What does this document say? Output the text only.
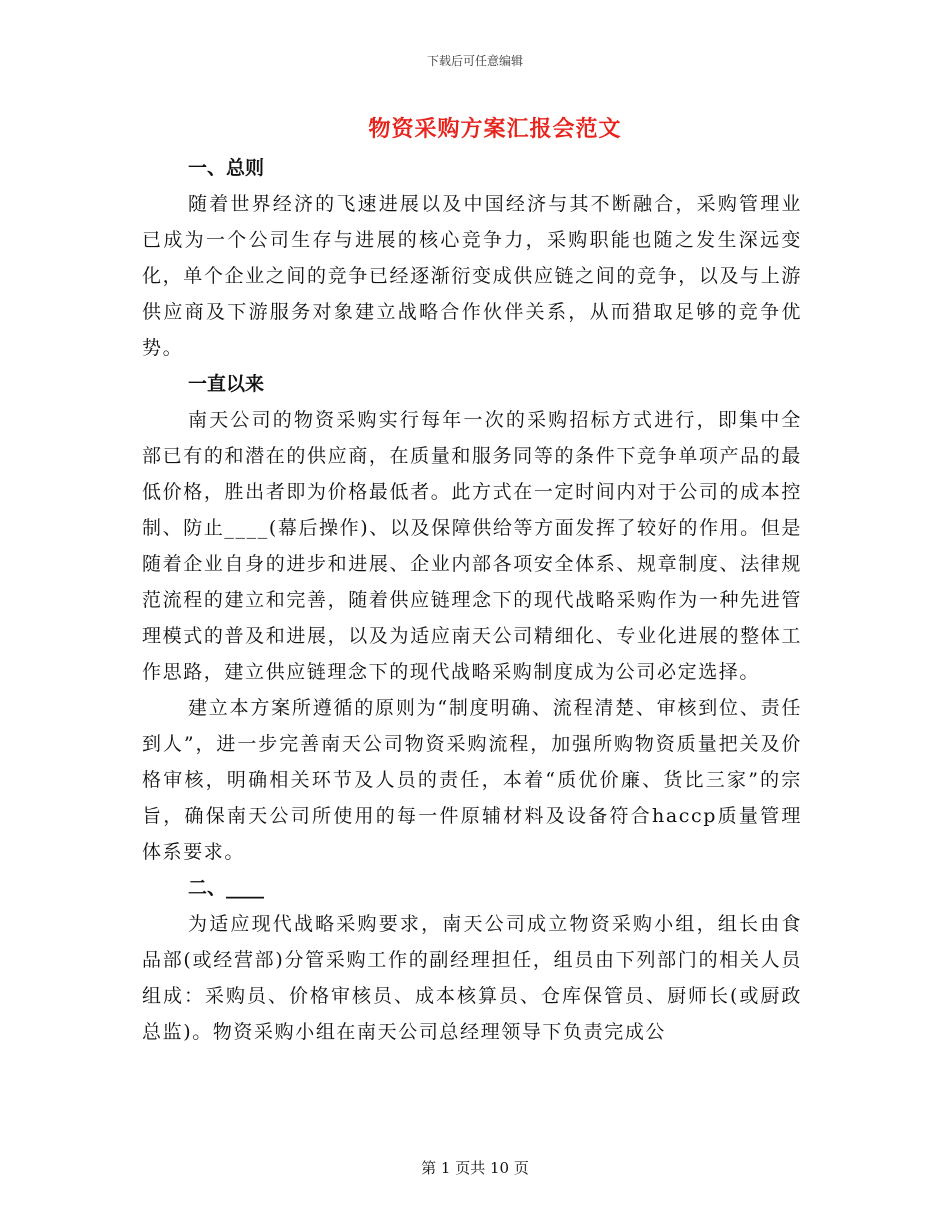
下载后可任意编辑
物资采购方案汇报会范文
一、总则

随着世界经济的飞速进展以及中国经济与其不断融合，采购管理业已成为一个公司生存与进展的核心竞争力，采购职能也随之发生深远变化，单个企业之间的竞争已经逐渐衍变成供应链之间的竞争，以及与上游供应商及下游服务对象建立战略合作伙伴关系，从而猎取足够的竞争优势。

一直以来

南天公司的物资采购实行每年一次的采购招标方式进行，即集中全部已有的和潜在的供应商，在质量和服务同等的条件下竞争单项产品的最低价格，胜出者即为价格最低者。此方式在一定时间内对于公司的成本控制、防止____(幕后操作)、以及保障供给等方面发挥了较好的作用。但是随着企业自身的进步和进展、企业内部各项安全体系、规章制度、法律规范流程的建立和完善，随着供应链理念下的现代战略采购作为一种先进管理模式的普及和进展，以及为适应南天公司精细化、专业化进展的整体工作思路，建立供应链理念下的现代战略采购制度成为公司必定选择。

建立本方案所遵循的原则为“制度明确、流程清楚、审核到位、责任到人”，进一步完善南天公司物资采购流程，加强所购物资质量把关及价格审核，明确相关环节及人员的责任，本着“质优价廉、货比三家”的宗旨，确保南天公司所使用的每一件原辅材料及设备符合haccp质量管理体系要求。

二、____

为适应现代战略采购要求，南天公司成立物资采购小组，组长由食品部(或经营部)分管采购工作的副经理担任，组员由下列部门的相关人员组成：采购员、价格审核员、成本核算员、仓库保管员、厨师长(或厨政总监)。物资采购小组在南天公司总经理领导下负责完成公

第 1 页共 10 页
